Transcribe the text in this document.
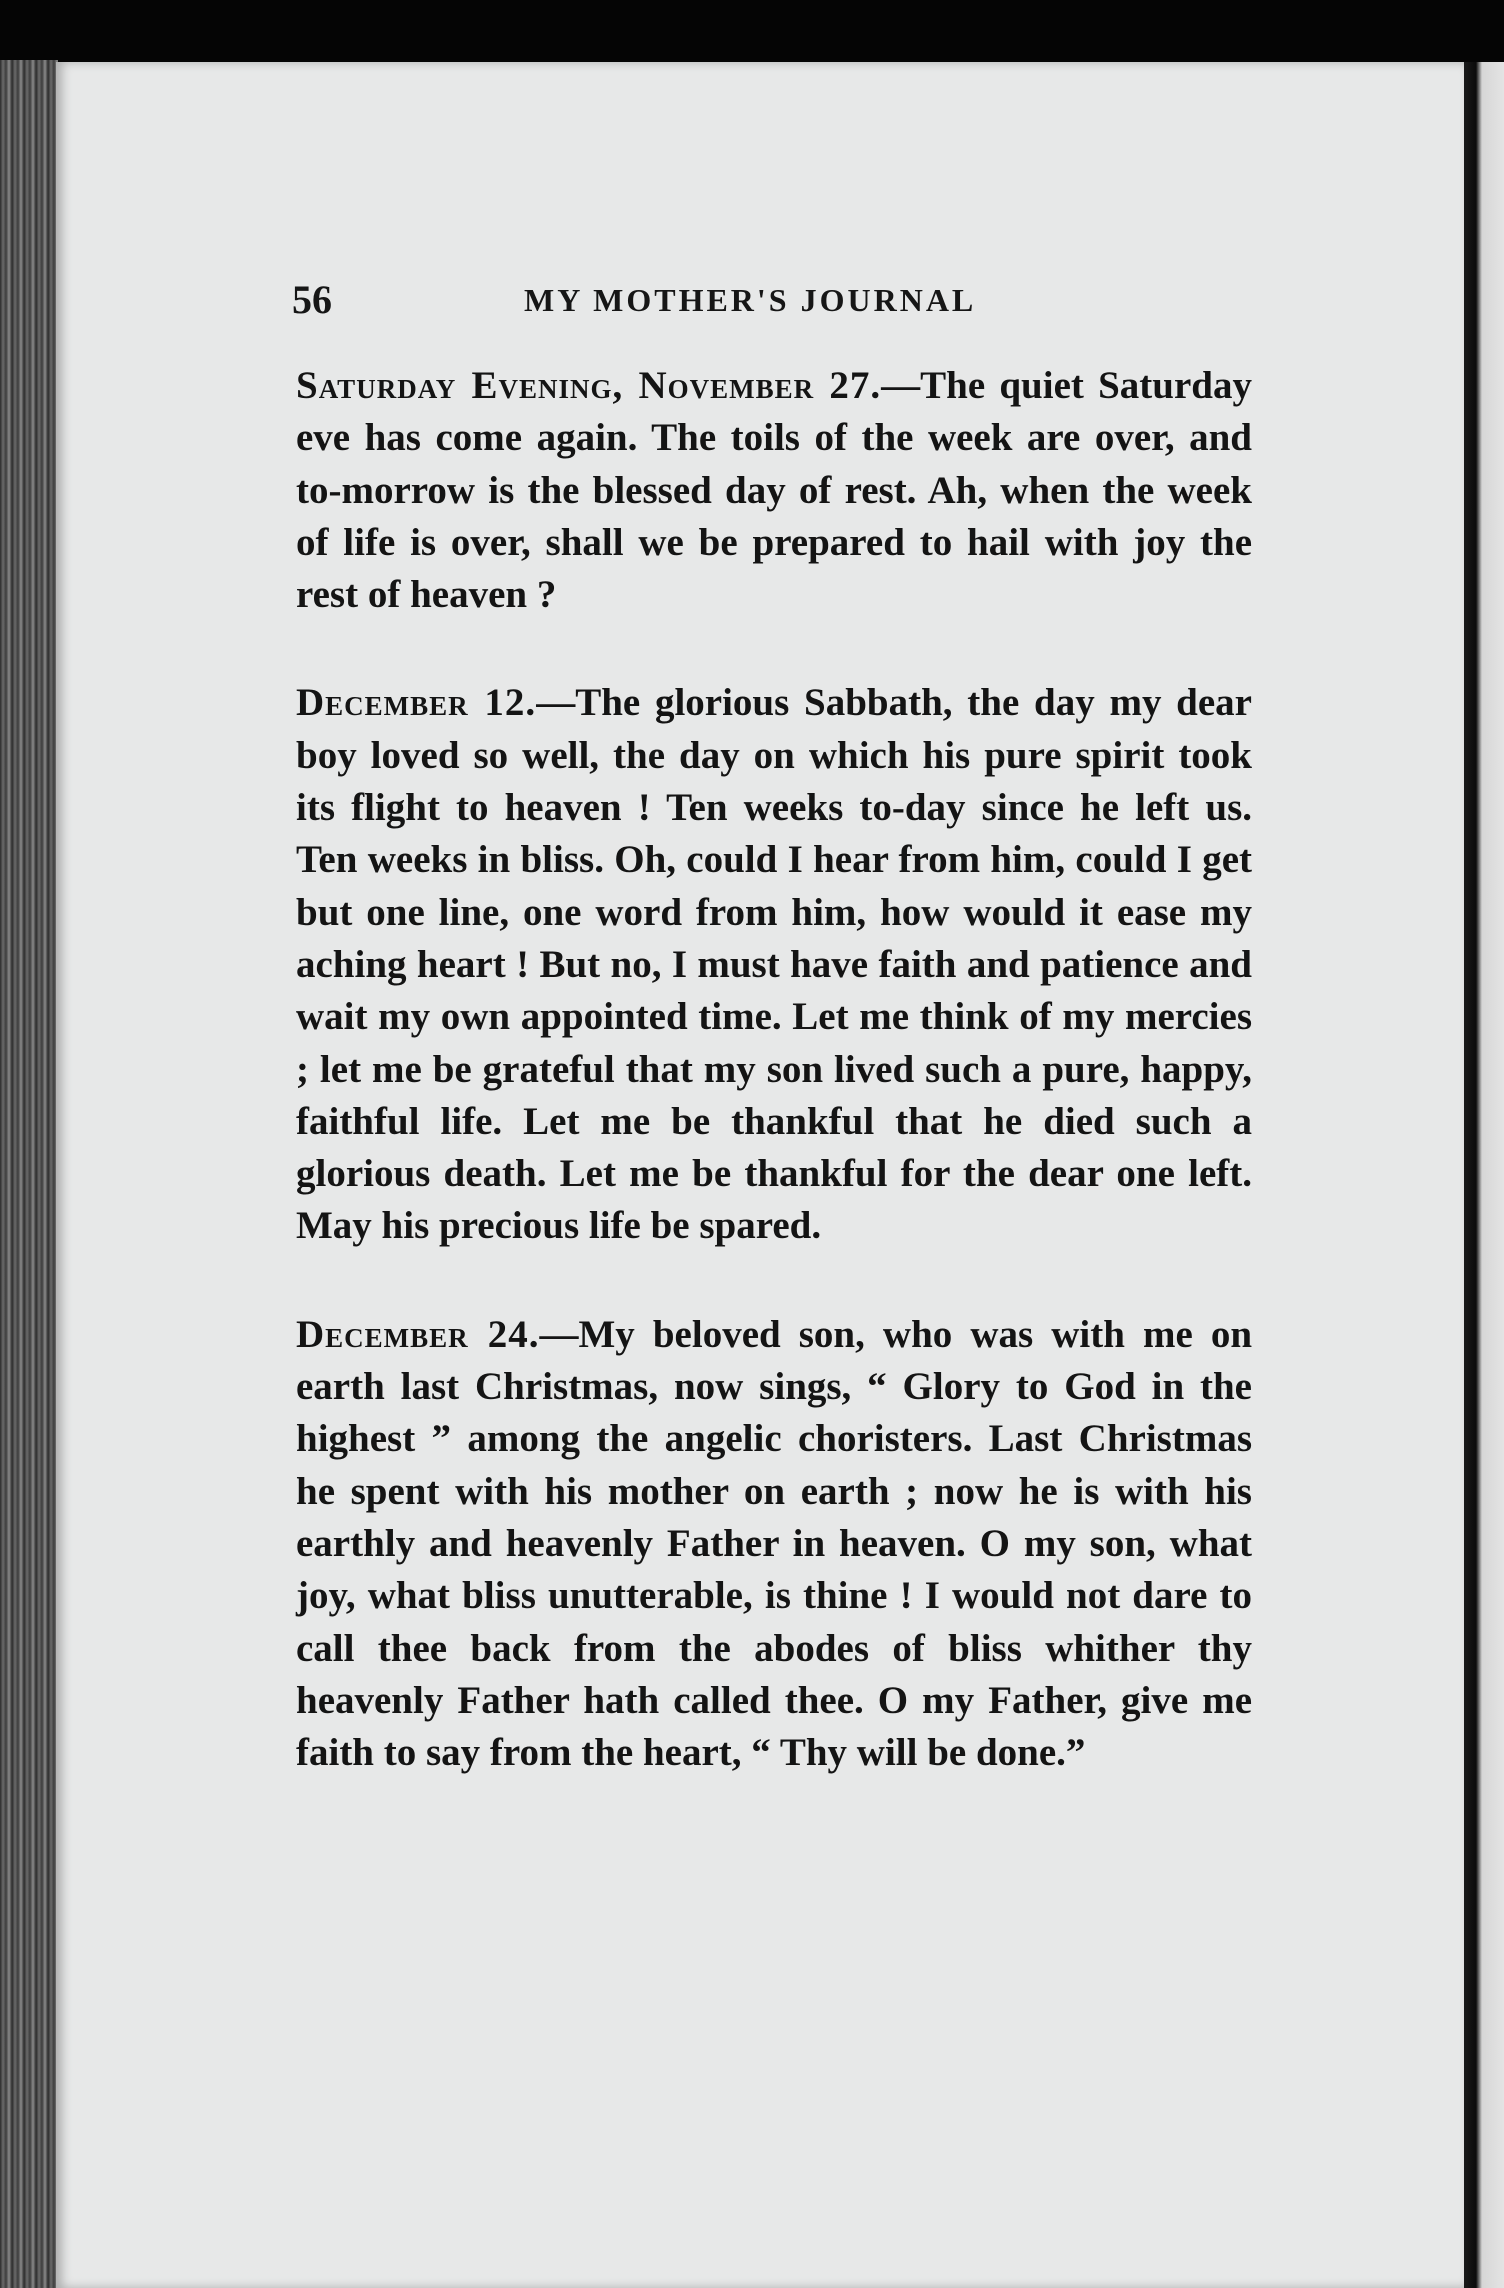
56	MY MOTHER'S JOURNAL

Saturday Evening, November 27.—The quiet Saturday eve has come again. The toils of the week are over, and to-morrow is the blessed day of rest. Ah, when the week of life is over, shall we be prepared to hail with joy the rest of heaven ?

December 12.—The glorious Sabbath, the day my dear boy loved so well, the day on which his pure spirit took its flight to heaven ! Ten weeks to-day since he left us. Ten weeks in bliss. Oh, could I hear from him, could I get but one line, one word from him, how would it ease my aching heart ! But no, I must have faith and patience and wait my own appointed time. Let me think of my mercies ; let me be grateful that my son lived such a pure, happy, faithful life. Let me be thankful that he died such a glorious death. Let me be thankful for the dear one left. May his precious life be spared.

December 24.—My beloved son, who was with me on earth last Christmas, now sings, “ Glory to God in the highest ” among the angelic choristers. Last Christmas he spent with his mother on earth ; now he is with his earthly and heavenly Father in heaven. O my son, what joy, what bliss unutterable, is thine ! I would not dare to call thee back from the abodes of bliss whither thy heavenly Father hath called thee. O my Father, give me faith to say from the heart, “ Thy will be done.”
